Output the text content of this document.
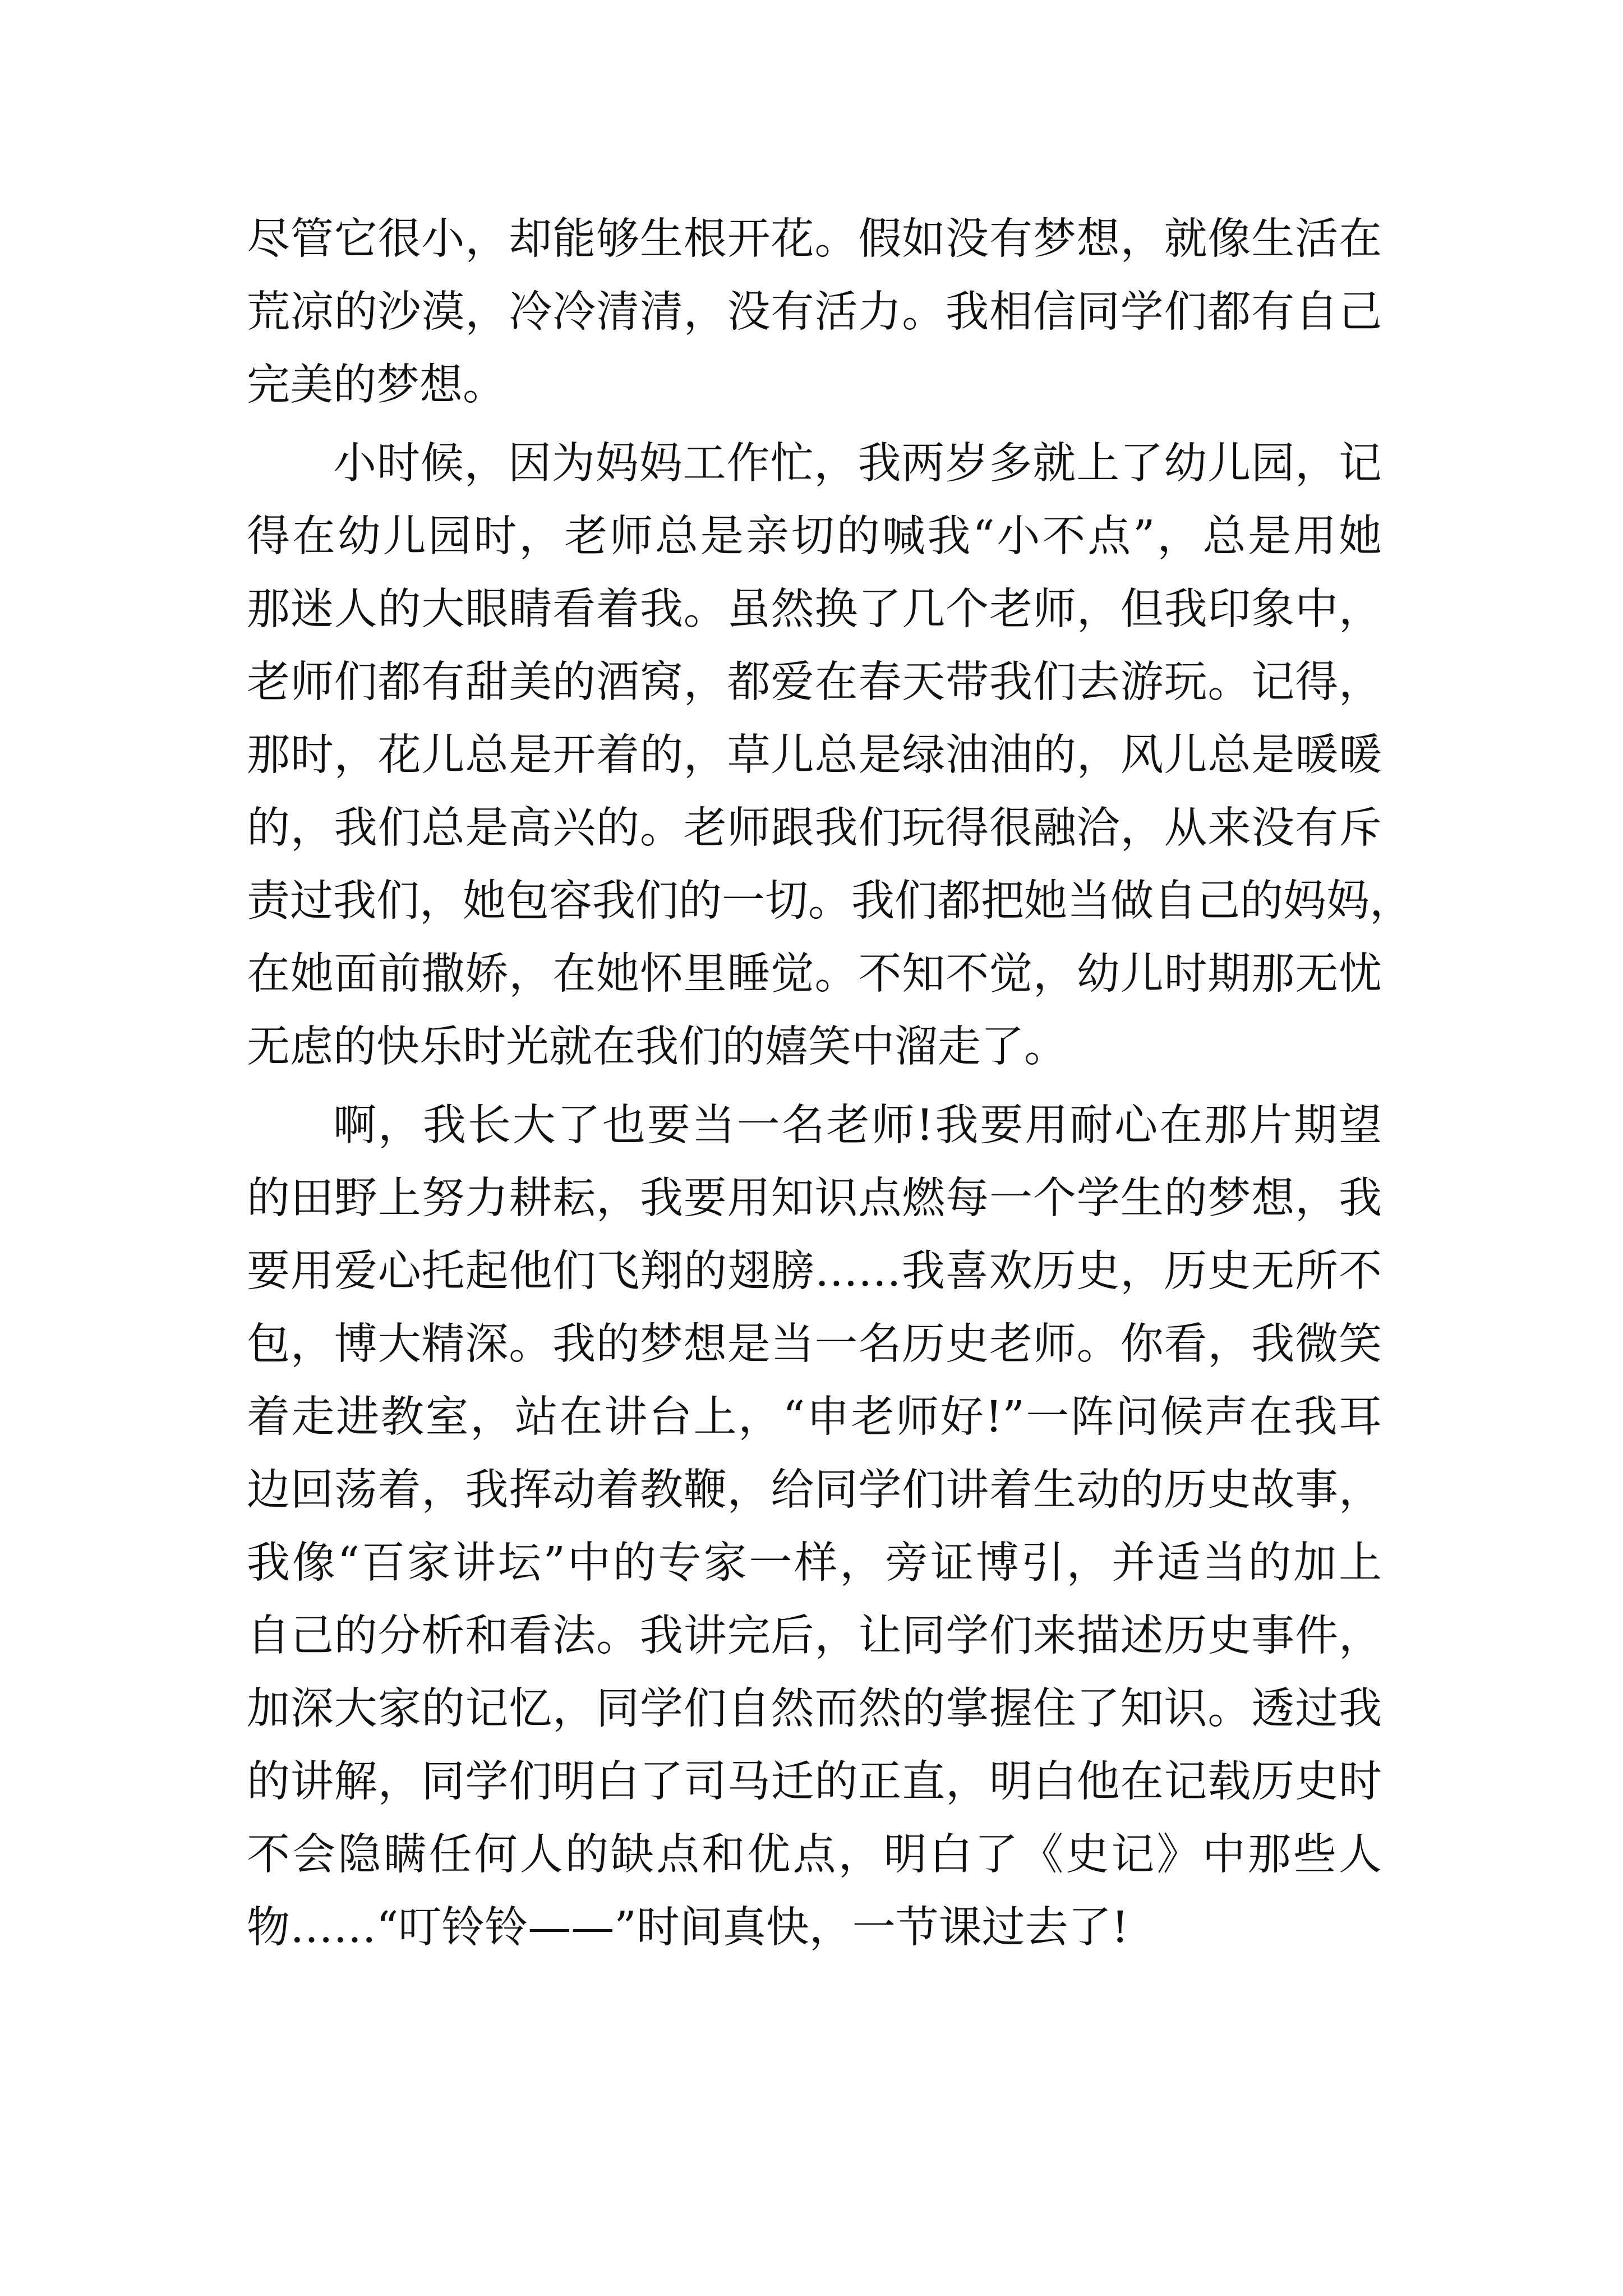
尽管它很小，却能够生根开花。假如没有梦想，就像生活在
荒凉的沙漠，冷冷清清，没有活力。我相信同学们都有自己
完美的梦想。
小时候，因为妈妈工作忙，我两岁多就上了幼儿园，记
得在幼儿园时，老师总是亲切的喊我“小不点”，总是用她
那迷人的大眼睛看着我。虽然换了几个老师，但我印象中，
老师们都有甜美的酒窝，都爱在春天带我们去游玩。记得，
那时，花儿总是开着的，草儿总是绿油油的，风儿总是暖暖
的，我们总是高兴的。老师跟我们玩得很融洽，从来没有斥
责过我们，她包容我们的一切。我们都把她当做自己的妈妈，
在她面前撒娇，在她怀里睡觉。不知不觉，幼儿时期那无忧
无虑的快乐时光就在我们的嬉笑中溜走了。
啊，我长大了也要当一名老师!我要用耐心在那片期望
的田野上努力耕耘，我要用知识点燃每一个学生的梦想，我
要用爱心托起他们飞翔的翅膀……我喜欢历史，历史无所不
包，博大精深。我的梦想是当一名历史老师。你看，我微笑
着走进教室，站在讲台上，“申老师好!”一阵问候声在我耳
边回荡着，我挥动着教鞭，给同学们讲着生动的历史故事，
我像“百家讲坛”中的专家一样，旁证博引，并适当的加上
自己的分析和看法。我讲完后，让同学们来描述历史事件，
加深大家的记忆，同学们自然而然的掌握住了知识。透过我
的讲解，同学们明白了司马迁的正直，明白他在记载历史时
不会隐瞒任何人的缺点和优点，明白了《史记》中那些人
物……“叮铃铃——”时间真快，一节课过去了!
